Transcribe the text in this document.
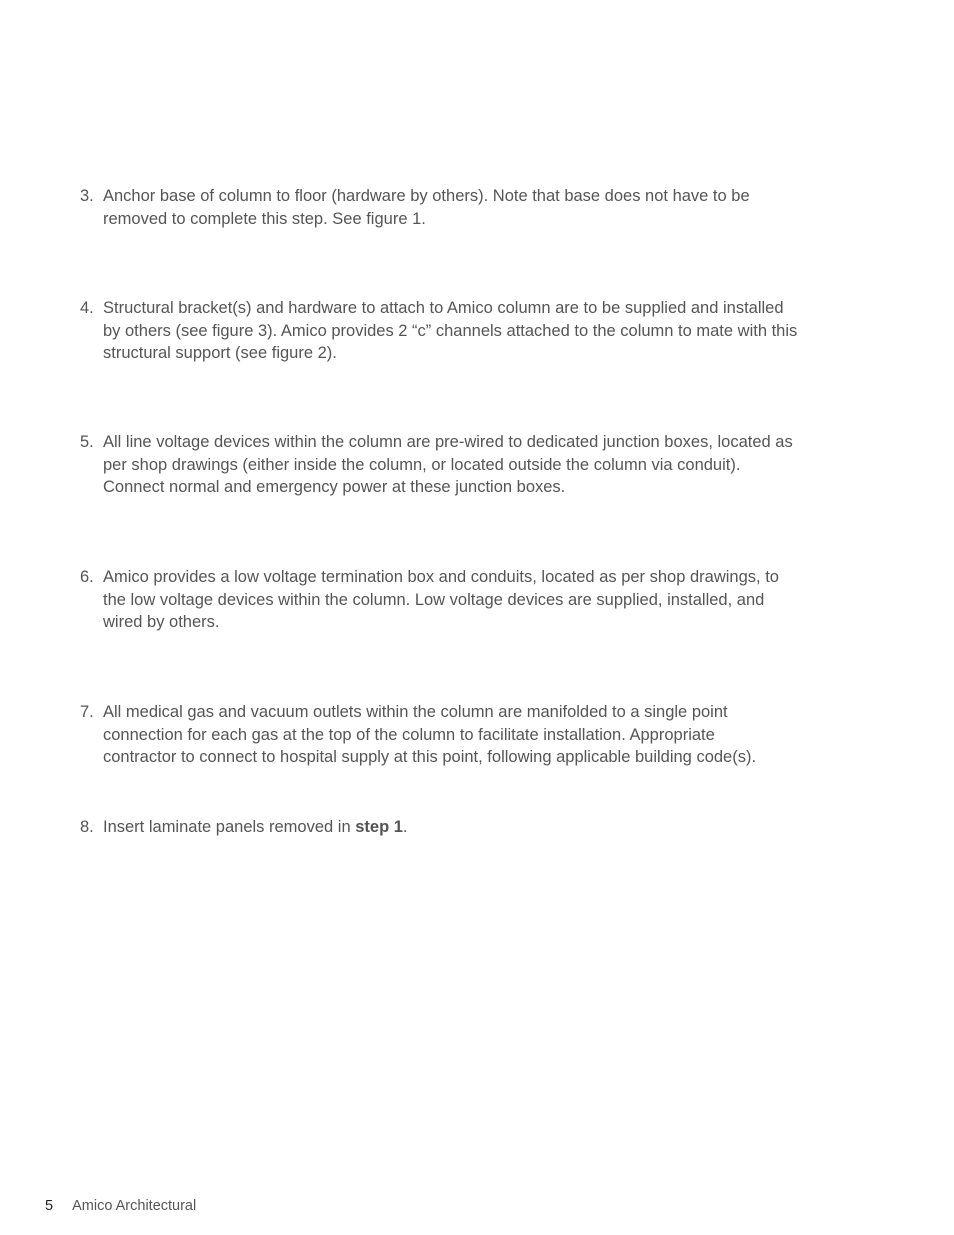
3. Anchor base of column to floor (hardware by others). Note that base does not have to be
removed to complete this step. See figure 1.
4. Structural bracket(s) and hardware to attach to Amico column are to be supplied and installed
by others (see figure 3). Amico provides 2 “c” channels attached to the column to mate with this
structural support (see figure 2).
5. All line voltage devices within the column are pre-wired to dedicated junction boxes, located as
per shop drawings (either inside the column, or located outside the column via conduit).
Connect normal and emergency power at these junction boxes.
6. Amico provides a low voltage termination box and conduits, located as per shop drawings, to
the low voltage devices within the column. Low voltage devices are supplied, installed, and
wired by others.
7. All medical gas and vacuum outlets within the column are manifolded to a single point
connection for each gas at the top of the column to facilitate installation. Appropriate
contractor to connect to hospital supply at this point, following applicable building code(s).
8. Insert laminate panels removed in step 1.
5 Amico Architectural
